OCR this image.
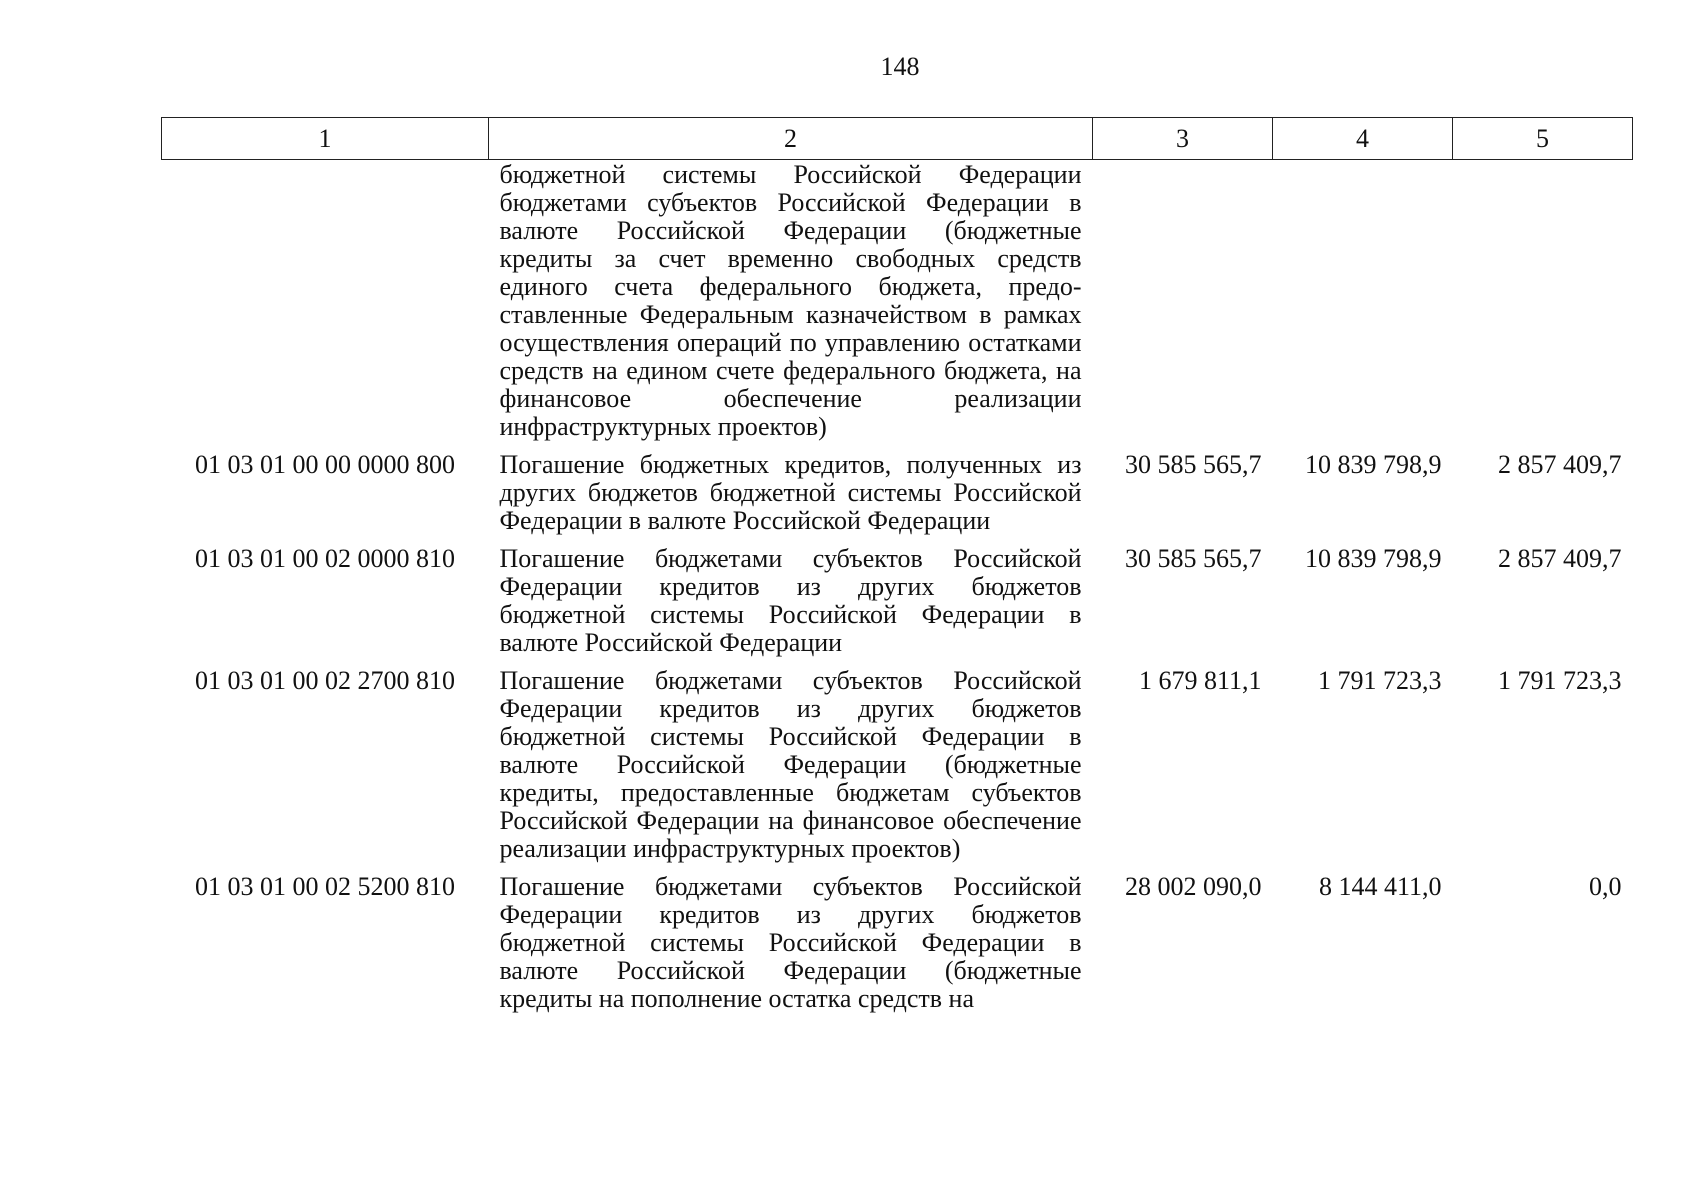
148
1	2	3	4	5
	бюджетной системы Российской Федерации бюджетами субъектов Российской Федерации в валюте Российской Федерации (бюджетные кредиты за счет временно свободных средств единого счета федерального бюджета, предоставленные Федеральным казначейством в рамках осуществления операций по управлению остатками средств на едином счете федерального бюджета, на финансовое обеспечение реализации инфраструктурных проектов)			
01 03 01 00 00 0000 800	Погашение бюджетных кредитов, полученных из других бюджетов бюджетной системы Российской Федерации в валюте Российской Федерации	30 585 565,7	10 839 798,9	2 857 409,7
01 03 01 00 02 0000 810	Погашение бюджетами субъектов Российской Федерации кредитов из других бюджетов бюджетной системы Российской Федерации в валюте Российской Федерации	30 585 565,7	10 839 798,9	2 857 409,7
01 03 01 00 02 2700 810	Погашение бюджетами субъектов Российской Федерации кредитов из других бюджетов бюджетной системы Российской Федерации в валюте Российской Федерации (бюджетные кредиты, предоставленные бюджетам субъектов Российской Федерации на финансовое обеспечение реализации инфраструктурных проектов)	1 679 811,1	1 791 723,3	1 791 723,3
01 03 01 00 02 5200 810	Погашение бюджетами субъектов Российской Федерации кредитов из других бюджетов бюджетной системы Российской Федерации в валюте Российской Федерации (бюджетные кредиты на пополнение остатка средств на	28 002 090,0	8 144 411,0	0,0
